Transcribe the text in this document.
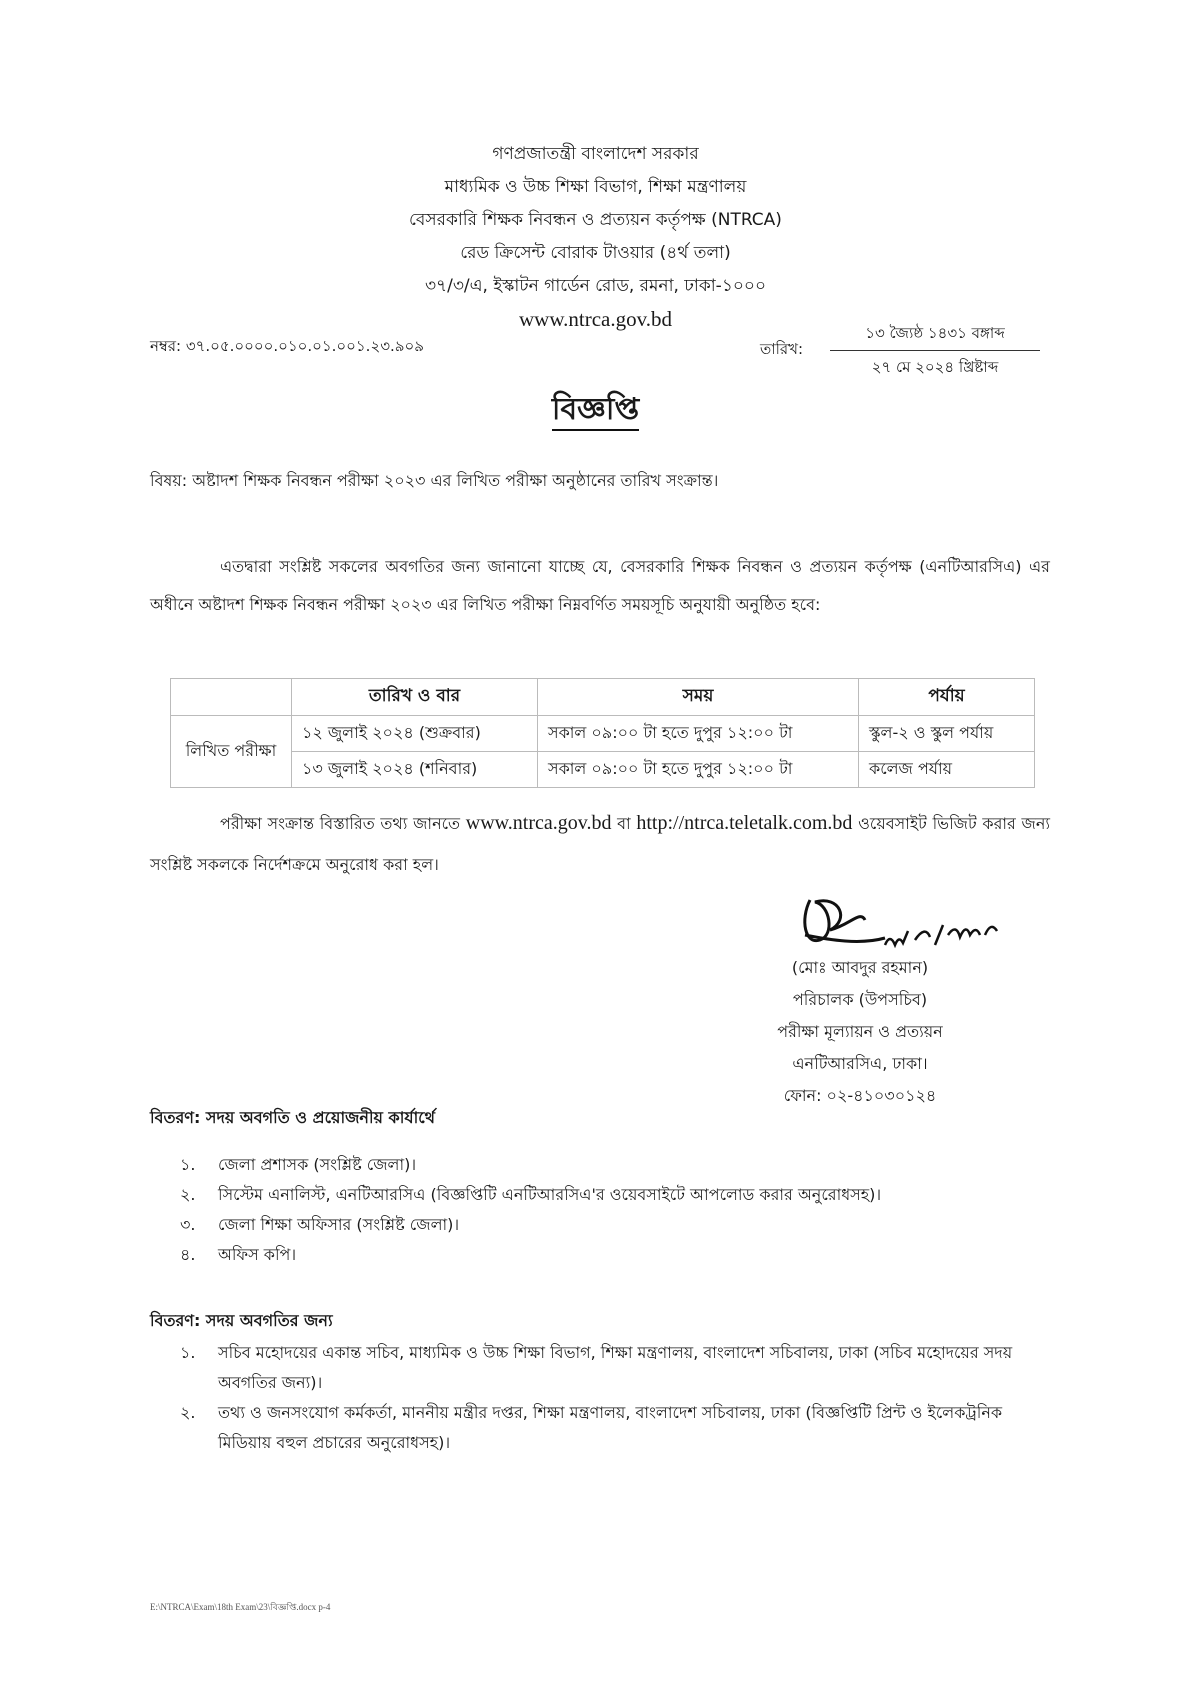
গণপ্রজাতন্ত্রী বাংলাদেশ সরকার
মাধ্যমিক ও উচ্চ শিক্ষা বিভাগ, শিক্ষা মন্ত্রণালয়
বেসরকারি শিক্ষক নিবন্ধন ও প্রত্যয়ন কর্তৃপক্ষ (NTRCA)
রেড ক্রিসেন্ট বোরাক টাওয়ার (৪র্থ তলা)
৩৭/৩/এ, ইস্কাটন গার্ডেন রোড, রমনা, ঢাকা-১০০০
www.ntrca.gov.bd
নম্বর: ৩৭.০৫.০০০০.০১০.০১.০০১.২৩.৯০৯	তারিখ:
১৩ জ্যৈষ্ঠ ১৪৩১ বঙ্গাব্দ
২৭ মে ২০২৪ খ্রিষ্টাব্দ
বিজ্ঞপ্তি
বিষয়: অষ্টাদশ শিক্ষক নিবন্ধন পরীক্ষা ২০২৩ এর লিখিত পরীক্ষা অনুষ্ঠানের তারিখ সংক্রান্ত।
এতদ্বারা সংশ্লিষ্ট সকলের অবগতির জন্য জানানো যাচ্ছে যে, বেসরকারি শিক্ষক নিবন্ধন ও প্রত্যয়ন কর্তৃপক্ষ (এনটিআরসিএ) এর অধীনে অষ্টাদশ শিক্ষক নিবন্ধন পরীক্ষা ২০২৩ এর লিখিত পরীক্ষা নিম্নবর্ণিত সময়সূচি অনুযায়ী অনুষ্ঠিত হবে:
	তারিখ ও বার	সময়	পর্যায়
লিখিত পরীক্ষা	১২ জুলাই ২০২৪ (শুক্রবার)	সকাল ০৯:০০ টা হতে দুপুর ১২:০০ টা	স্কুল-২ ও স্কুল পর্যায়
	১৩ জুলাই ২০২৪ (শনিবার)	সকাল ০৯:০০ টা হতে দুপুর ১২:০০ টা	কলেজ পর্যায়
পরীক্ষা সংক্রান্ত বিস্তারিত তথ্য জানতে www.ntrca.gov.bd বা http://ntrca.teletalk.com.bd ওয়েবসাইট ভিজিট করার জন্য সংশ্লিষ্ট সকলকে নির্দেশক্রমে অনুরোধ করা হল।
(মোঃ আবদুর রহমান)
পরিচালক (উপসচিব)
পরীক্ষা মূল্যায়ন ও প্রত্যয়ন
এনটিআরসিএ, ঢাকা।
ফোন: ০২-৪১০৩০১২৪
বিতরণ: সদয় অবগতি ও প্রয়োজনীয় কার্যার্থে
১.	জেলা প্রশাসক (সংশ্লিষ্ট জেলা)।
২.	সিস্টেম এনালিস্ট, এনটিআরসিএ (বিজ্ঞপ্তিটি এনটিআরসিএ'র ওয়েবসাইটে আপলোড করার অনুরোধসহ)।
৩.	জেলা শিক্ষা অফিসার (সংশ্লিষ্ট জেলা)।
৪.	অফিস কপি।
বিতরণ: সদয় অবগতির জন্য
১.	সচিব মহোদয়ের একান্ত সচিব, মাধ্যমিক ও উচ্চ শিক্ষা বিভাগ, শিক্ষা মন্ত্রণালয়, বাংলাদেশ সচিবালয়, ঢাকা (সচিব মহোদয়ের সদয় অবগতির জন্য)।
২.	তথ্য ও জনসংযোগ কর্মকর্তা, মাননীয় মন্ত্রীর দপ্তর, শিক্ষা মন্ত্রণালয়, বাংলাদেশ সচিবালয়, ঢাকা (বিজ্ঞপ্তিটি প্রিন্ট ও ইলেকট্রনিক মিডিয়ায় বহুল প্রচারের অনুরোধসহ)।
E:\NTRCA\Exam\18th Exam\23\বিজ্ঞপ্তি.docx p-4
